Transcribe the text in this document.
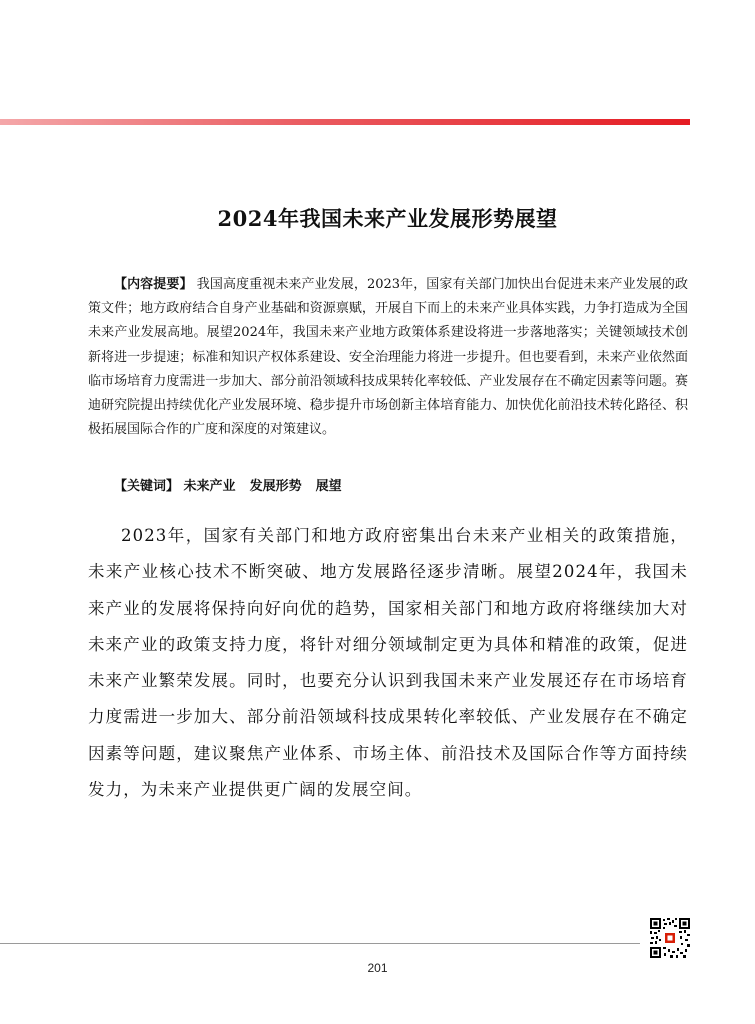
2024年我国未来产业发展形势展望

【内容提要】 我国高度重视未来产业发展，2023年，国家有关部门加快出台促进未来产业发展的政策文件；地方政府结合自身产业基础和资源禀赋，开展自下而上的未来产业具体实践，力争打造成为全国未来产业发展高地。展望2024年，我国未来产业地方政策体系建设将进一步落地落实；关键领域技术创新将进一步提速；标准和知识产权体系建设、安全治理能力将进一步提升。但也要看到，未来产业依然面临市场培育力度需进一步加大、部分前沿领域科技成果转化率较低、产业发展存在不确定因素等问题。赛迪研究院提出持续优化产业发展环境、稳步提升市场创新主体培育能力、加快优化前沿技术转化路径、积极拓展国际合作的广度和深度的对策建议。

【关键词】 未来产业 发展形势 展望

2023年，国家有关部门和地方政府密集出台未来产业相关的政策措施，未来产业核心技术不断突破、地方发展路径逐步清晰。展望2024年，我国未来产业的发展将保持向好向优的趋势，国家相关部门和地方政府将继续加大对未来产业的政策支持力度，将针对细分领域制定更为具体和精准的政策，促进未来产业繁荣发展。同时，也要充分认识到我国未来产业发展还存在市场培育力度需进一步加大、部分前沿领域科技成果转化率较低、产业发展存在不确定因素等问题，建议聚焦产业体系、市场主体、前沿技术及国际合作等方面持续发力，为未来产业提供更广阔的发展空间。

201
